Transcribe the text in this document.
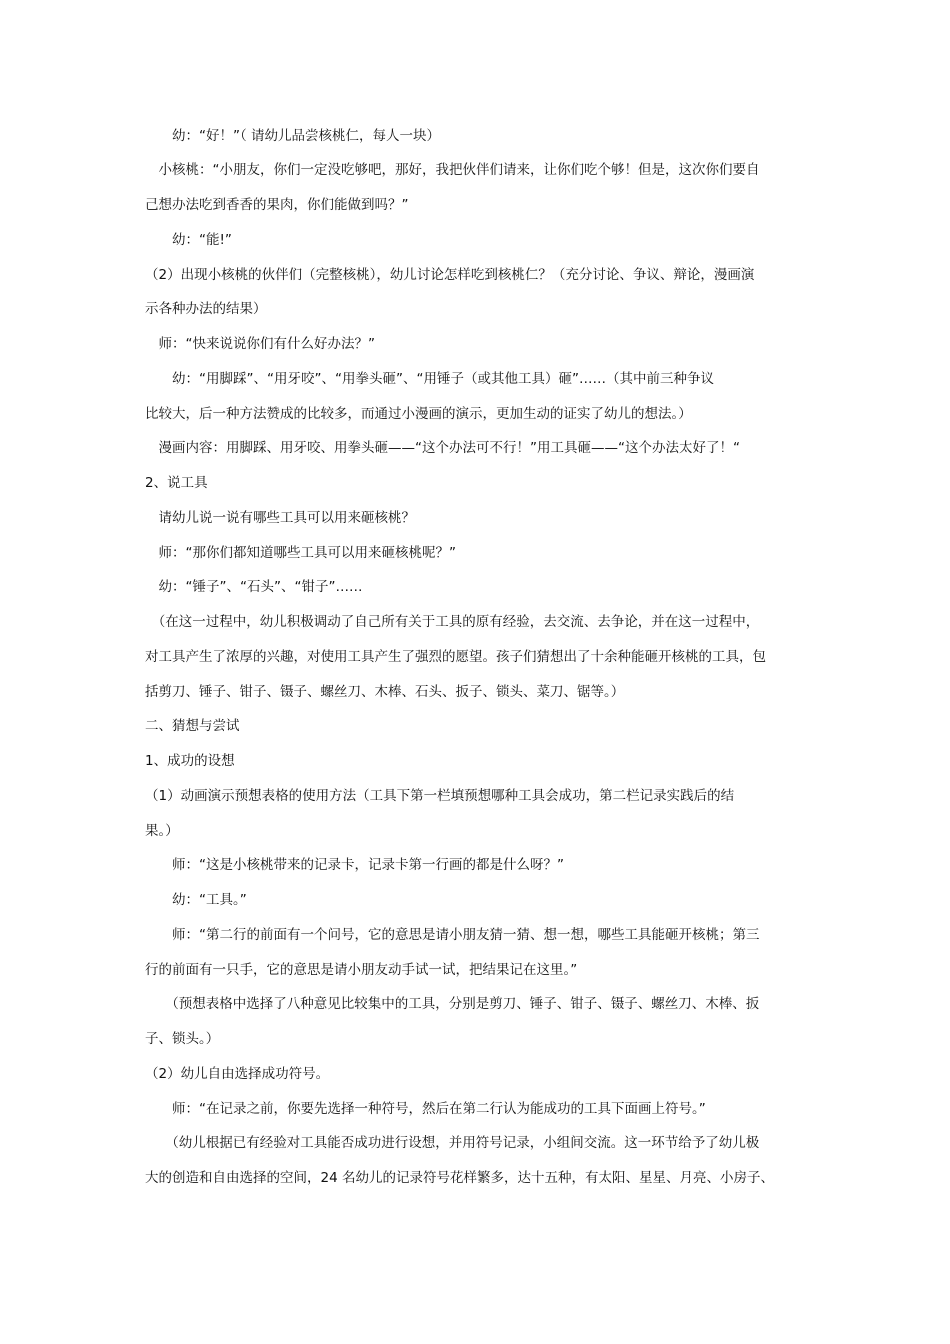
　　幼：“好！”（ 请幼儿品尝核桃仁，每人一块）
　小核桃：“小朋友，你们一定没吃够吧，那好，我把伙伴们请来，让你们吃个够！但是，这次你们要自
己想办法吃到香香的果肉，你们能做到吗？”
　　幼：“能!”
（2）出现小核桃的伙伴们（完整核桃），幼儿讨论怎样吃到核桃仁？（充分讨论、争议、辩论，漫画演
示各种办法的结果）
　师：“快来说说你们有什么好办法？”
　　幼：“用脚踩”、“用牙咬”、“用拳头砸”、“用锤子（或其他工具）砸”……（其中前三种争议
比较大，后一种方法赞成的比较多，而通过小漫画的演示，更加生动的证实了幼儿的想法。）
　漫画内容：用脚踩、用牙咬、用拳头砸——“这个办法可不行！”用工具砸——“这个办法太好了！“
2、说工具
　请幼儿说一说有哪些工具可以用来砸核桃？
　师：“那你们都知道哪些工具可以用来砸核桃呢？”
　幼：“锤子”、“石头”、“钳子”……
　（在这一过程中，幼儿积极调动了自己所有关于工具的原有经验，去交流、去争论，并在这一过程中，
对工具产生了浓厚的兴趣，对使用工具产生了强烈的愿望。孩子们猜想出了十余种能砸开核桃的工具，包
括剪刀、锤子、钳子、镊子、螺丝刀、木棒、石头、扳子、锁头、菜刀、锯等。）
二、猜想与尝试
1、成功的设想
（1）动画演示预想表格的使用方法（工具下第一栏填预想哪种工具会成功，第二栏记录实践后的结
果。）
　　师：“这是小核桃带来的记录卡，记录卡第一行画的都是什么呀？”
　　幼：“工具。”
　　师：“第二行的前面有一个问号，它的意思是请小朋友猜一猜、想一想，哪些工具能砸开核桃；第三
行的前面有一只手，它的意思是请小朋友动手试一试，把结果记在这里。”
　　（预想表格中选择了八种意见比较集中的工具，分别是剪刀、锤子、钳子、镊子、螺丝刀、木棒、扳
子、锁头。）
（2）幼儿自由选择成功符号。
　　师：“在记录之前，你要先选择一种符号，然后在第二行认为能成功的工具下面画上符号。”
　　（幼儿根据已有经验对工具能否成功进行设想，并用符号记录，小组间交流。这一环节给予了幼儿极
大的创造和自由选择的空间，24 名幼儿的记录符号花样繁多，达十五种，有太阳、星星、月亮、小房子、
